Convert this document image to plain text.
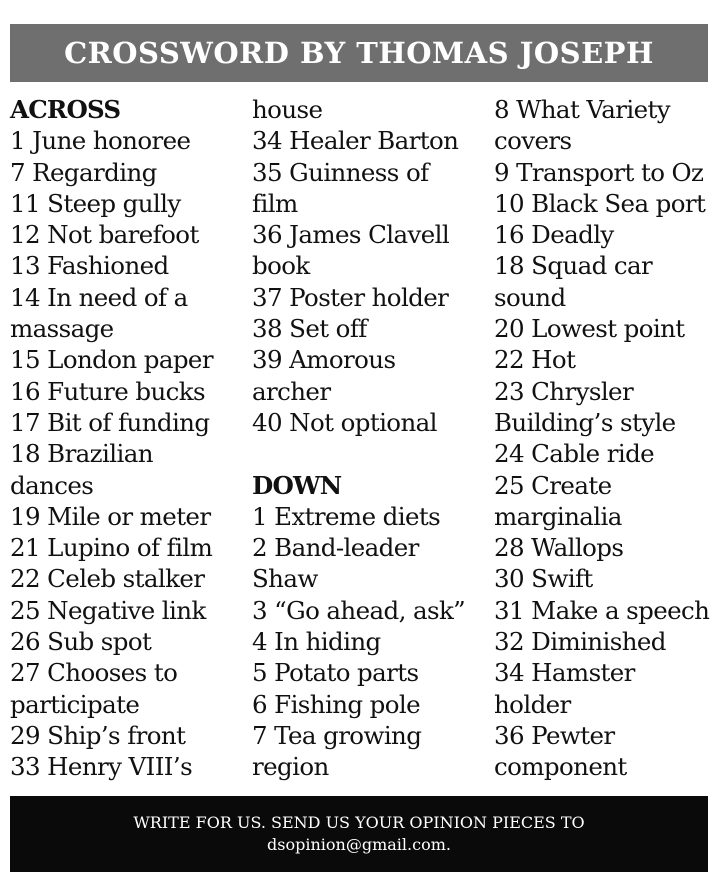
CROSSWORD BY THOMAS JOSEPH
ACROSS
1 June honoree
7 Regarding
11 Steep gully
12 Not barefoot
13 Fashioned
14 In need of a
massage
15 London paper
16 Future bucks
17 Bit of funding
18 Brazilian
dances
19 Mile or meter
21 Lupino of film
22 Celeb stalker
25 Negative link
26 Sub spot
27 Chooses to
participate
29 Ship’s front
33 Henry VIII’s
house
34 Healer Barton
35 Guinness of
film
36 James Clavell
book
37 Poster holder
38 Set off
39 Amorous
archer
40 Not optional
DOWN
1 Extreme diets
2 Band-leader
Shaw
3 “Go ahead, ask”
4 In hiding
5 Potato parts
6 Fishing pole
7 Tea growing
region
8 What Variety
covers
9 Transport to Oz
10 Black Sea port
16 Deadly
18 Squad car
sound
20 Lowest point
22 Hot
23 Chrysler
Building’s style
24 Cable ride
25 Create
marginalia
28 Wallops
30 Swift
31 Make a speech
32 Diminished
34 Hamster
holder
36 Pewter
component
WRITE FOR US. SEND US YOUR OPINION PIECES TO
dsopinion@gmail.com.
